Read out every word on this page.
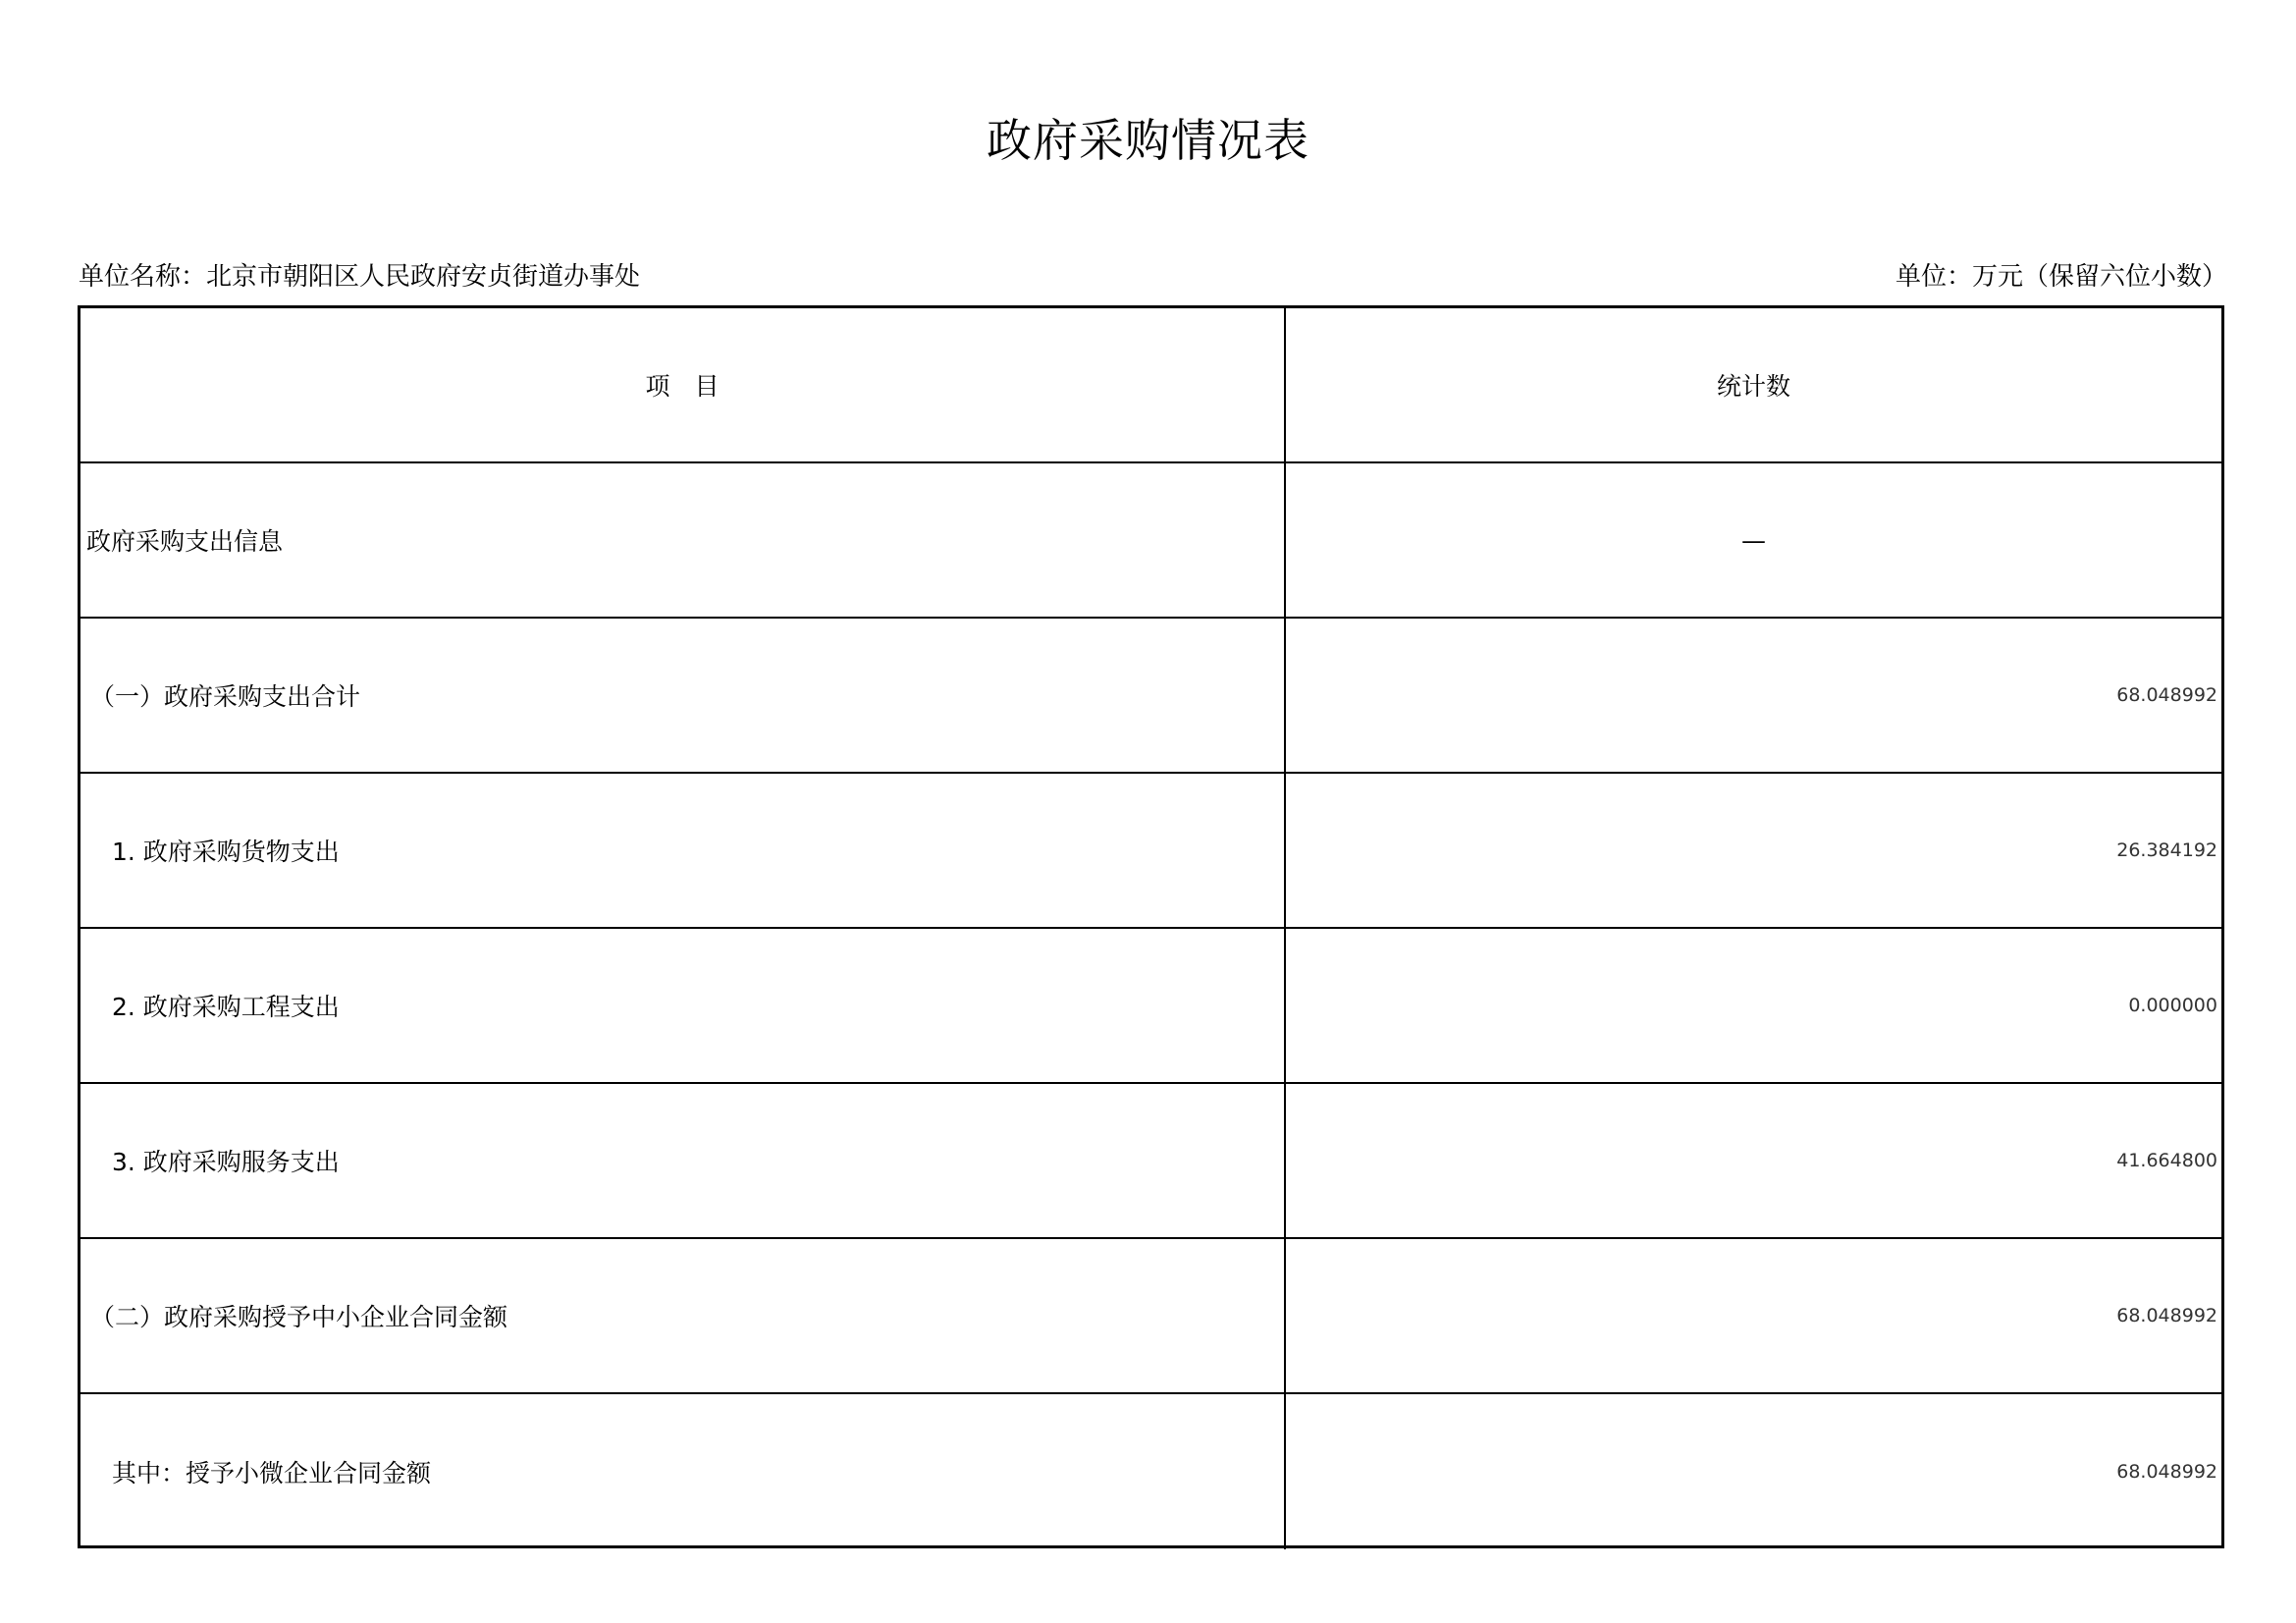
政府采购情况表
单位名称：北京市朝阳区人民政府安贞街道办事处	单位：万元（保留六位小数）
项　目	统计数
政府采购支出信息	—
（一）政府采购支出合计	68.048992
1. 政府采购货物支出	26.384192
2. 政府采购工程支出	0.000000
3. 政府采购服务支出	41.664800
（二）政府采购授予中小企业合同金额	68.048992
其中：授予小微企业合同金额	68.048992
